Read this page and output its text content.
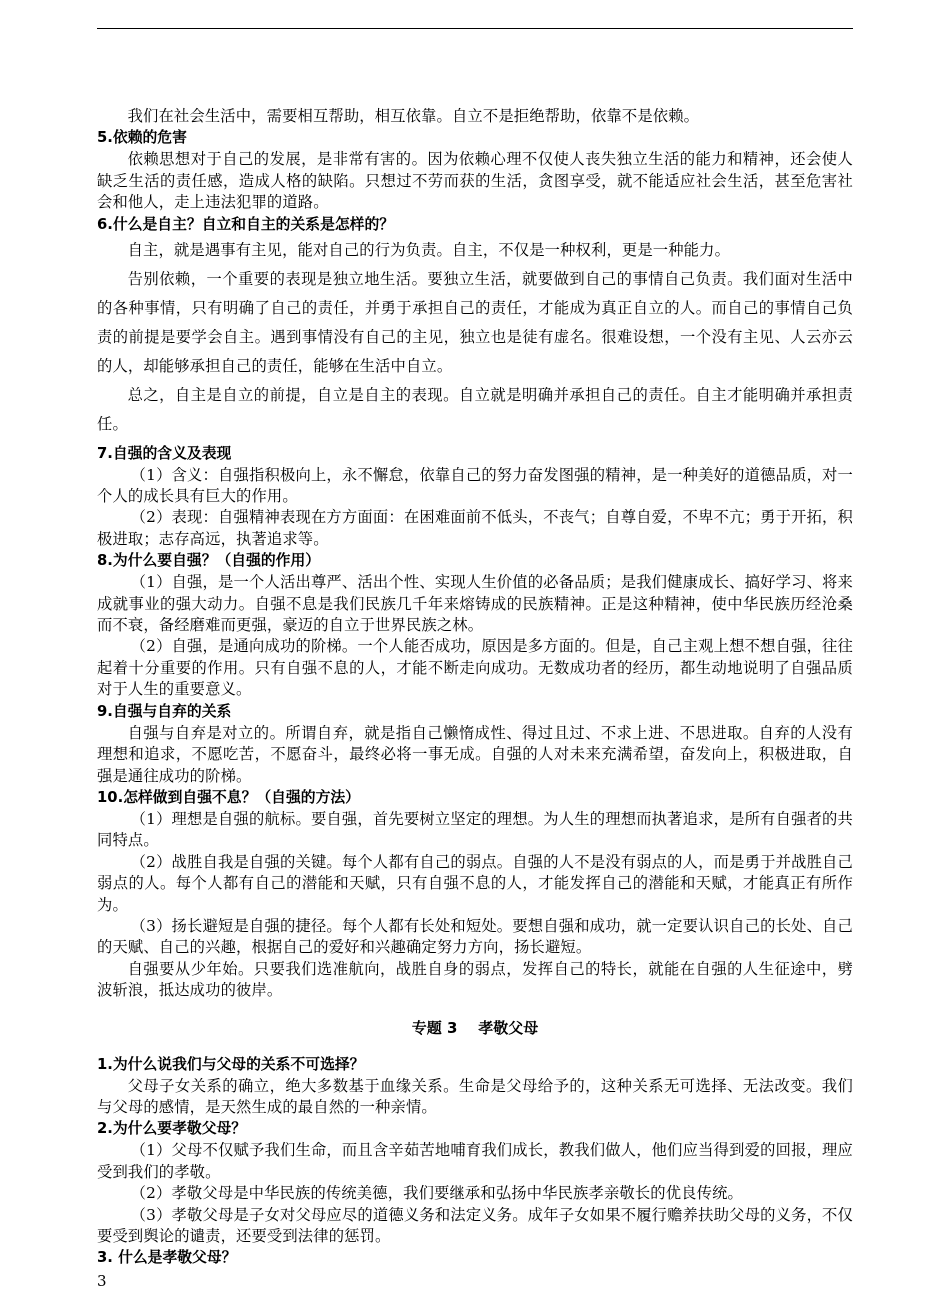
我们在社会生活中，需要相互帮助，相互依靠。自立不是拒绝帮助，依靠不是依赖。

5.依赖的危害

依赖思想对于自己的发展，是非常有害的。因为依赖心理不仅使人丧失独立生活的能力和精神，还会使人缺乏生活的责任感，造成人格的缺陷。只想过不劳而获的生活，贪图享受，就不能适应社会生活，甚至危害社会和他人，走上违法犯罪的道路。

6.什么是自主？自立和自主的关系是怎样的？

自主，就是遇事有主见，能对自己的行为负责。自主，不仅是一种权利，更是一种能力。

告别依赖，一个重要的表现是独立地生活。要独立生活，就要做到自己的事情自己负责。我们面对生活中的各种事情，只有明确了自己的责任，并勇于承担自己的责任，才能成为真正自立的人。而自己的事情自己负责的前提是要学会自主。遇到事情没有自己的主见，独立也是徒有虚名。很难设想，一个没有主见、人云亦云的人，却能够承担自己的责任，能够在生活中自立。

总之，自主是自立的前提，自立是自主的表现。自立就是明确并承担自己的责任。自主才能明确并承担责任。

7.自强的含义及表现

（1）含义：自强指积极向上，永不懈怠，依靠自己的努力奋发图强的精神，是一种美好的道德品质，对一个人的成长具有巨大的作用。

（2）表现：自强精神表现在方方面面：在困难面前不低头，不丧气；自尊自爱，不卑不亢；勇于开拓，积极进取；志存高远，执著追求等。

8.为什么要自强？（自强的作用）

（1）自强，是一个人活出尊严、活出个性、实现人生价值的必备品质；是我们健康成长、搞好学习、将来成就事业的强大动力。自强不息是我们民族几千年来熔铸成的民族精神。正是这种精神，使中华民族历经沧桑而不衰，备经磨难而更强，豪迈的自立于世界民族之林。

（2）自强，是通向成功的阶梯。一个人能否成功，原因是多方面的。但是，自己主观上想不想自强，往往起着十分重要的作用。只有自强不息的人，才能不断走向成功。无数成功者的经历，都生动地说明了自强品质对于人生的重要意义。

9.自强与自弃的关系

自强与自弃是对立的。所谓自弃，就是指自己懒惰成性、得过且过、不求上进、不思进取。自弃的人没有理想和追求，不愿吃苦，不愿奋斗，最终必将一事无成。自强的人对未来充满希望，奋发向上，积极进取，自强是通往成功的阶梯。

10.怎样做到自强不息？（自强的方法）

（1）理想是自强的航标。要自强，首先要树立坚定的理想。为人生的理想而执著追求，是所有自强者的共同特点。

（2）战胜自我是自强的关键。每个人都有自己的弱点。自强的人不是没有弱点的人，而是勇于并战胜自己弱点的人。每个人都有自己的潜能和天赋，只有自强不息的人，才能发挥自己的潜能和天赋，才能真正有所作为。

（3）扬长避短是自强的捷径。每个人都有长处和短处。要想自强和成功，就一定要认识自己的长处、自己的天赋、自己的兴趣，根据自己的爱好和兴趣确定努力方向，扬长避短。

自强要从少年始。只要我们选准航向，战胜自身的弱点，发挥自己的特长，就能在自强的人生征途中，劈波斩浪，抵达成功的彼岸。

专题 3    孝敬父母

1.为什么说我们与父母的关系不可选择？

父母子女关系的确立，绝大多数基于血缘关系。生命是父母给予的，这种关系无可选择、无法改变。我们与父母的感情，是天然生成的最自然的一种亲情。

2.为什么要孝敬父母？

（1）父母不仅赋予我们生命，而且含辛茹苦地哺育我们成长，教我们做人，他们应当得到爱的回报，理应受到我们的孝敬。

（2）孝敬父母是中华民族的传统美德，我们要继承和弘扬中华民族孝亲敬长的优良传统。

（3）孝敬父母是子女对父母应尽的道德义务和法定义务。成年子女如果不履行赡养扶助父母的义务，不仅要受到舆论的谴责，还要受到法律的惩罚。

3. 什么是孝敬父母？

3
